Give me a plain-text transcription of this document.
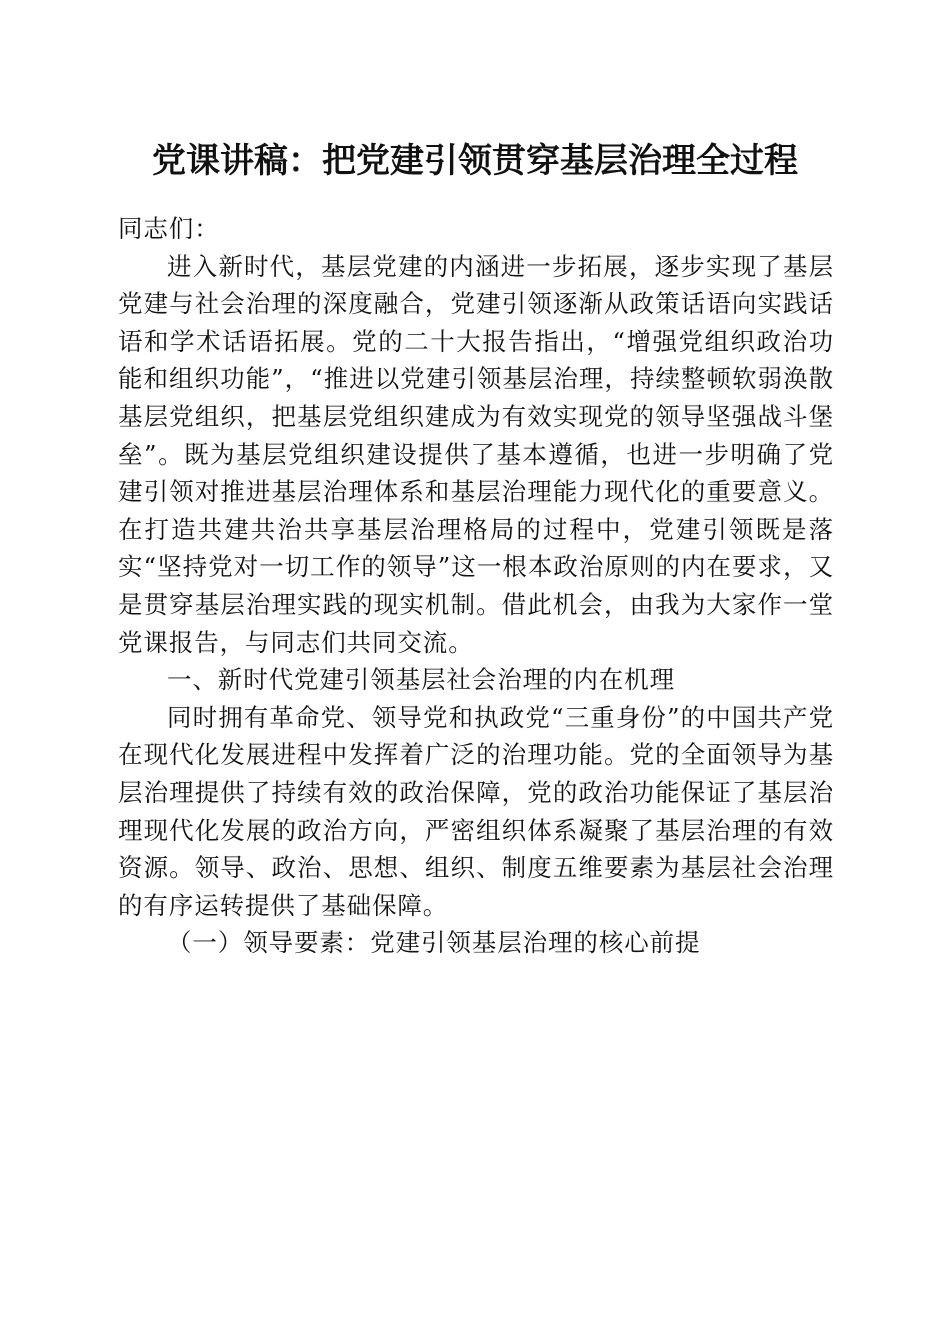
党课讲稿：把党建引领贯穿基层治理全过程

同志们：

进入新时代，基层党建的内涵进一步拓展，逐步实现了基层党建与社会治理的深度融合，党建引领逐渐从政策话语向实践话语和学术话语拓展。党的二十大报告指出，“增强党组织政治功能和组织功能”，“推进以党建引领基层治理，持续整顿软弱涣散基层党组织，把基层党组织建成为有效实现党的领导坚强战斗堡垒”。既为基层党组织建设提供了基本遵循，也进一步明确了党建引领对推进基层治理体系和基层治理能力现代化的重要意义。在打造共建共治共享基层治理格局的过程中，党建引领既是落实“坚持党对一切工作的领导”这一根本政治原则的内在要求，又是贯穿基层治理实践的现实机制。借此机会，由我为大家作一堂党课报告，与同志们共同交流。

一、新时代党建引领基层社会治理的内在机理

同时拥有革命党、领导党和执政党“三重身份”的中国共产党在现代化发展进程中发挥着广泛的治理功能。党的全面领导为基层治理提供了持续有效的政治保障，党的政治功能保证了基层治理现代化发展的政治方向，严密组织体系凝聚了基层治理的有效资源。领导、政治、思想、组织、制度五维要素为基层社会治理的有序运转提供了基础保障。

（一）领导要素：党建引领基层治理的核心前提
